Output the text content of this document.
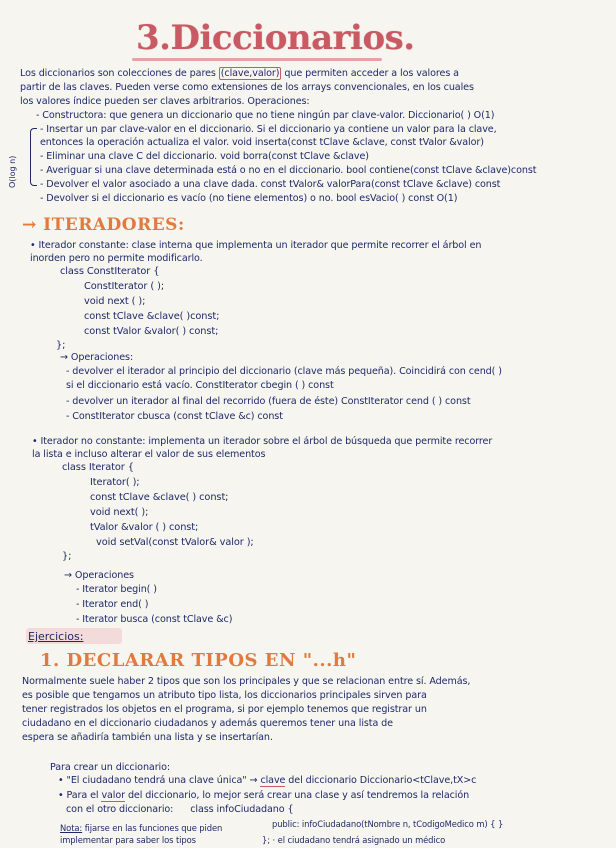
3.Diccionarios.
Los diccionarios son colecciones de pares (clave,valor) que permiten acceder a los valores a
partir de las claves. Pueden verse como extensiones de los arrays convencionales, en los cuales
los valores índice pueden ser claves arbitrarios. Operaciones:
O(log n)
- Constructora: que genera un diccionario que no tiene ningún par clave-valor. Diccionario( ) O(1)
- Insertar un par clave-valor en el diccionario. Si el diccionario ya contiene un valor para la clave,
entonces la operación actualiza el valor. void inserta(const tClave &clave, const tValor &valor)
- Eliminar una clave C del diccionario. void borra(const tClave &clave)
- Averiguar si una clave determinada está o no en el diccionario. bool contiene(const tClave &clave)const
- Devolver el valor asociado a una clave dada. const tValor& valorPara(const tClave &clave) const
- Devolver si el diccionario es vacío (no tiene elementos) o no. bool esVacio( ) const O(1)
→ ITERADORES:
• Iterador constante: clase interna que implementa un iterador que permite recorrer el árbol en
inorden pero no permite modificarlo.
class ConstIterator {
ConstIterator ( );
void next ( );
const tClave &clave( )const;
const tValor &valor( ) const;
};
→ Operaciones:
- devolver el iterador al principio del diccionario (clave más pequeña). Coincidirá con cend( )
si el diccionario está vacío. ConstIterator cbegin ( ) const
- devolver un iterador al final del recorrido (fuera de éste) ConstIterator cend ( ) const
- ConstIterator cbusca (const tClave &c) const
• Iterador no constante: implementa un iterador sobre el árbol de búsqueda que permite recorrer
la lista e incluso alterar el valor de sus elementos
class Iterator {
Iterator( );
const tClave &clave( ) const;
void next( );
tValor &valor ( ) const;
void setVal(const tValor& valor );
};
→ Operaciones
- Iterator begin( )
- Iterator end( )
- Iterator busca (const tClave &c)
Ejercicios:
1. DECLARAR TIPOS EN "...h"
Normalmente suele haber 2 tipos que son los principales y que se relacionan entre sí. Además,
es posible que tengamos un atributo tipo lista, los diccionarios principales sirven para
tener registrados los objetos en el programa, si por ejemplo tenemos que registrar un
ciudadano en el diccionario ciudadanos y además queremos tener una lista de
espera se añadiría también una lista y se insertarían.
Para crear un diccionario:
• "El ciudadano tendrá una clave única" → clave del diccionario Diccionario<tClave,tX>c
• Para el valor del diccionario, lo mejor será crear una clase y así tendremos la relación
con el otro diccionario: class infoCiudadano {
public: infoCiudadano(tNombre n, tCodigoMedico m) { }
Nota: fijarse en las funciones que piden
implementar para saber los tipos	}; · el ciudadano tendrá asignado un médico
